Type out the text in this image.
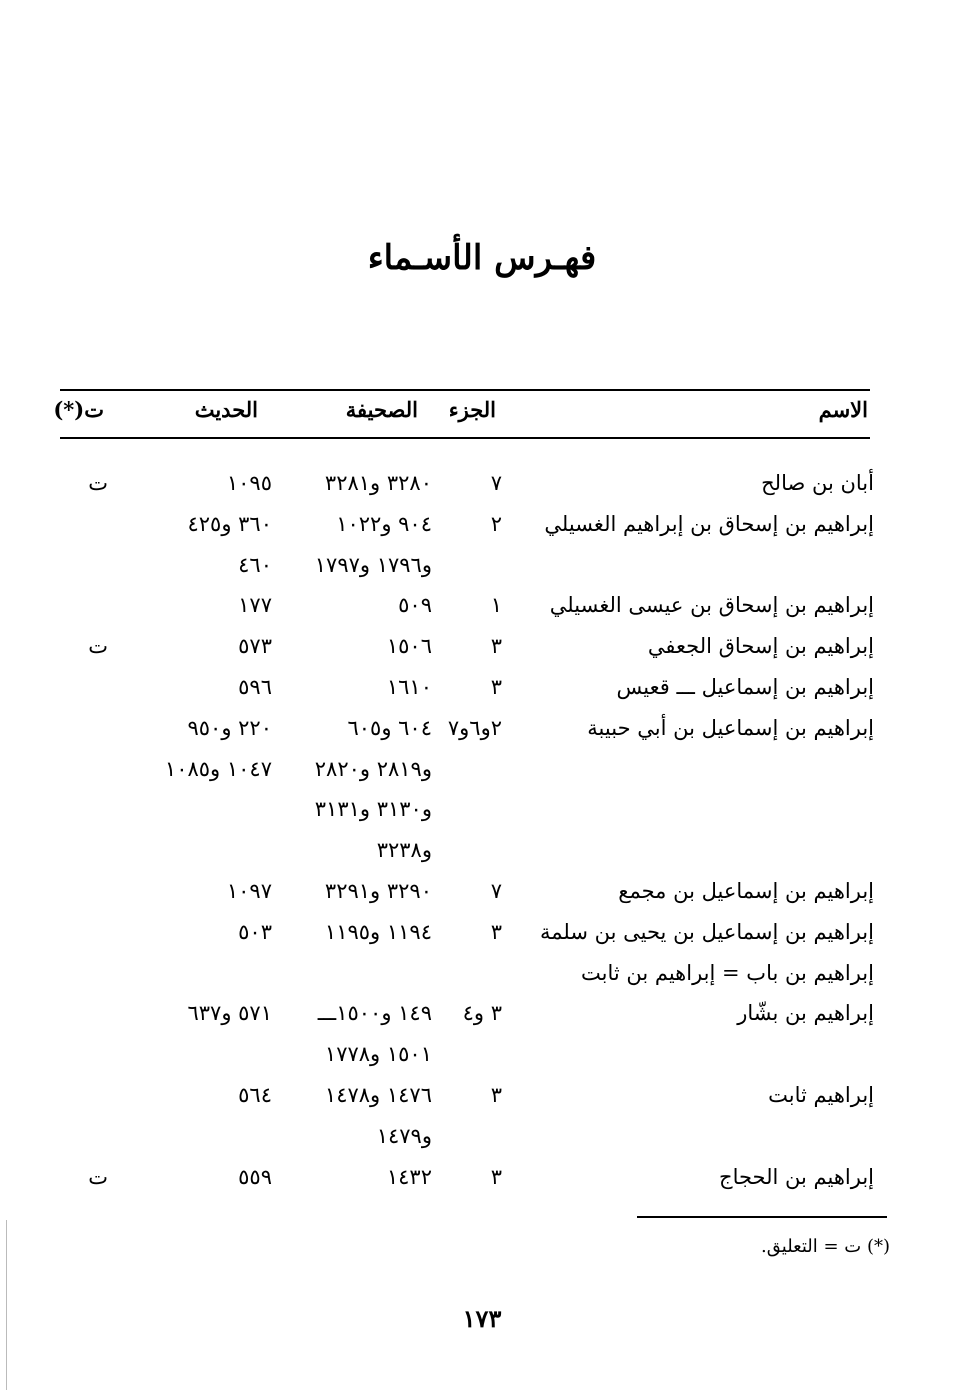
فهـرس الأسـماء
الاسم
الجزء
الصحيفة
الحديث
ت(*)
أبان بن صالح
٧
٣٢٨٠ و٣٢٨١
١٠٩٥
ت
إبراهيم بن إسحاق بن إبراهيم الغسيلي
٢
٩٠٤ و١٠٢٢
٣٦٠ و٤٢٥
و١٧٩٦ و١٧٩٧
٤٦٠
إبراهيم بن إسحاق بن عيسى الغسيلي
١
٥٠٩
١٧٧
إبراهيم بن إسحاق الجعفي
٣
١٥٠٦
٥٧٣
ت
إبراهيم بن إسماعيل ـــ قعيس
٣
١٦١٠
٥٩٦
إبراهيم بن إسماعيل بن أبي حبيبة
٢و٦و٧
٦٠٤ و٦٠٥
٢٢٠ و٩٥٠
و٢٨١٩ و٢٨٢٠
١٠٤٧ و١٠٨٥
و٣١٣٠ و٣١٣١
و٣٢٣٨
إبراهيم بن إسماعيل بن مجمع
٧
٣٢٩٠ و٣٢٩١
١٠٩٧
إبراهيم بن إسماعيل بن يحيى بن سلمة
٣
١١٩٤ و١١٩٥
٥٠٣
إبراهيم بن باب = إبراهيم بن ثابت
إبراهيم بن بشّار
٣ و٤
١٤٩ و١٥٠٠ـــ
٥٧١ و٦٣٧
١٥٠١ و١٧٧٨
إبراهيم ثابت
٣
١٤٧٦ و١٤٧٨
٥٦٤
و١٤٧٩
إبراهيم بن الحجاج
٣
١٤٣٢
٥٥٩
ت
(*) ت = التعليق.
١٧٣
